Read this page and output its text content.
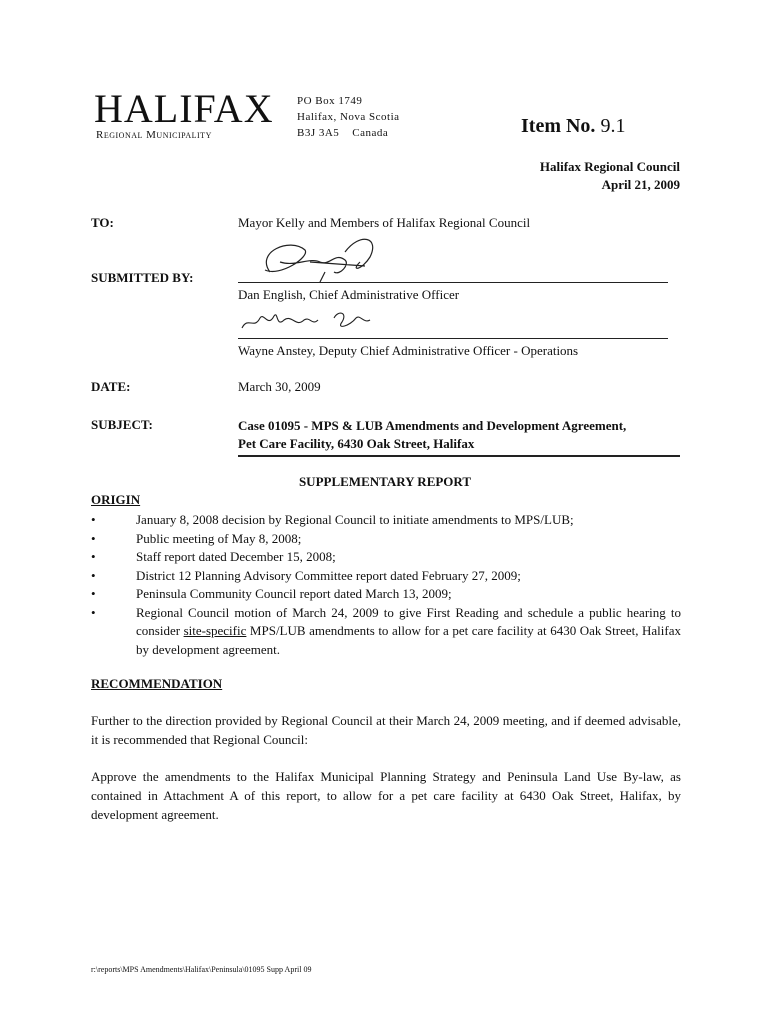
HALIFAX
Regional Municipality
PO Box 1749
Halifax, Nova Scotia
B3J 3A5    Canada	Item No. 9.1
Halifax Regional Council
April 21, 2009
TO:	Mayor Kelly and Members of Halifax Regional Council
SUBMITTED BY:
Dan English, Chief Administrative Officer
Wayne Anstey, Deputy Chief Administrative Officer - Operations
DATE:	March 30, 2009
SUBJECT:	Case 01095 - MPS & LUB Amendments and Development Agreement,
Pet Care Facility, 6430 Oak Street, Halifax
SUPPLEMENTARY REPORT
ORIGIN
•	January 8, 2008 decision by Regional Council to initiate amendments to MPS/LUB;
•	Public meeting of May 8, 2008;
•	Staff report dated December 15, 2008;
•	District 12 Planning Advisory Committee report dated February 27, 2009;
•	Peninsula Community Council report dated March 13, 2009;
•	Regional Council motion of March 24, 2009 to give First Reading and schedule a public hearing to consider site-specific MPS/LUB amendments to allow for a pet care facility at 6430 Oak Street, Halifax by development agreement.
RECOMMENDATION
Further to the direction provided by Regional Council at their March 24, 2009 meeting, and if deemed advisable, it is recommended that Regional Council:
Approve the amendments to the Halifax Municipal Planning Strategy and Peninsula Land Use By-law, as contained in Attachment A of this report, to allow for a pet care facility at 6430 Oak Street, Halifax, by development agreement.
r:\reports\MPS Amendments\Halifax\Peninsula\01095 Supp April 09
